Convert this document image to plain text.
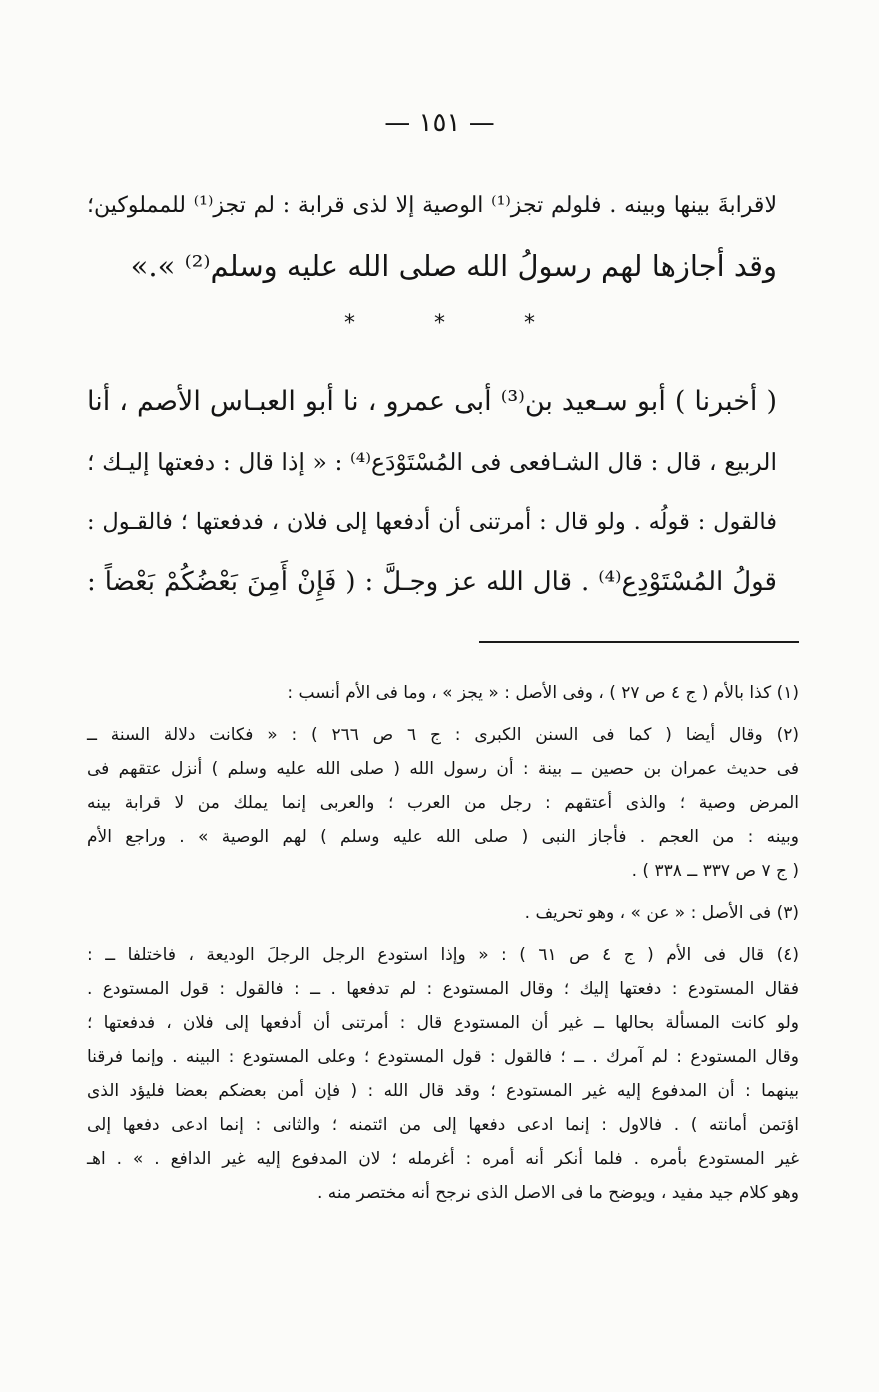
— ١٥١ —
لاقرابةَ بينها وبينه . فلولم تجز⁽¹⁾ الوصية إلا لذى قرابة : لم تجز⁽¹⁾ للمملوكين؛
وقد أجازها لهم رسولُ الله صلى الله عليه وسلم⁽²⁾ ».»
*	*	*
( أخبرنا ) أبو سـعيد بن⁽³⁾ أبى عمرو ، نا أبو العبـاس الأصم ، أنا
الربيع ، قال : قال الشـافعى فى المُسْتَوْدَع⁽⁴⁾ : « إذا قال : دفعتها إليـك ؛
فالقول : قولُه . ولو قال : أمرتنى أن أدفعها إلى فلان ، فدفعتها ؛ فالقـول :
قولُ المُسْتَوْدِع⁽⁴⁾ . قال الله عز وجـلَّ : ( فَإِنْ أَمِنَ بَعْضُكُمْ بَعْضاً :
(١) كذا بالأم ( ج ٤ ص ٢٧ ) ، وفى الأصل : « يجز » ، وما فى الأم أنسب :
(٢) وقال أيضا ( كما فى السنن الكبرى : ج ٦ ص ٢٦٦ ) : « فكانت دلالة السنة ــ
فى حديث عمران بن حصين ــ بينة : أن رسول الله ( صلى الله عليه وسلم ) أنزل عتقهم فى
المرض وصية ؛ والذى أعتقهم : رجل من العرب ؛ والعربى إنما يملك من لا قرابة بينه
وبينه : من العجم . فأجاز النبى ( صلى الله عليه وسلم ) لهم الوصية » . وراجع الأم
( ج ٧ ص ٣٣٧ ــ ٣٣٨ ) .
(٣) فى الأصل : « عن » ، وهو تحريف .
(٤) قال فى الأم ( ج ٤ ص ٦١ ) : « وإذا استودع الرجل الرجلَ الوديعة ، فاختلفا ــ :
فقال المستودع : دفعتها إليك ؛ وقال المستودع : لم تدفعها . ــ : فالقول : قول المستودع .
ولو كانت المسألة بحالها ــ غير أن المستودع قال : أمرتنى أن أدفعها إلى فلان ، فدفعتها ؛
وقال المستودع : لم آمرك . ــ ؛ فالقول : قول المستودع ؛ وعلى المستودع : البينه . وإنما فرقنا
بينهما : أن المدفوع إليه غير المستودع ؛ وقد قال الله : ( فإن أمن بعضكم بعضا فليؤد الذى
اؤتمن أمانته ) . فالاول : إنما ادعى دفعها إلى من ائتمنه ؛ والثانى : إنما ادعى دفعها إلى
غير المستودع بأمره . فلما أنكر أنه أمره : أغرمله ؛ لان المدفوع إليه غير الدافع . » . اهـ
وهو كلام جيد مفيد ، ويوضح ما فى الاصل الذى نرجح أنه مختصر منه .
